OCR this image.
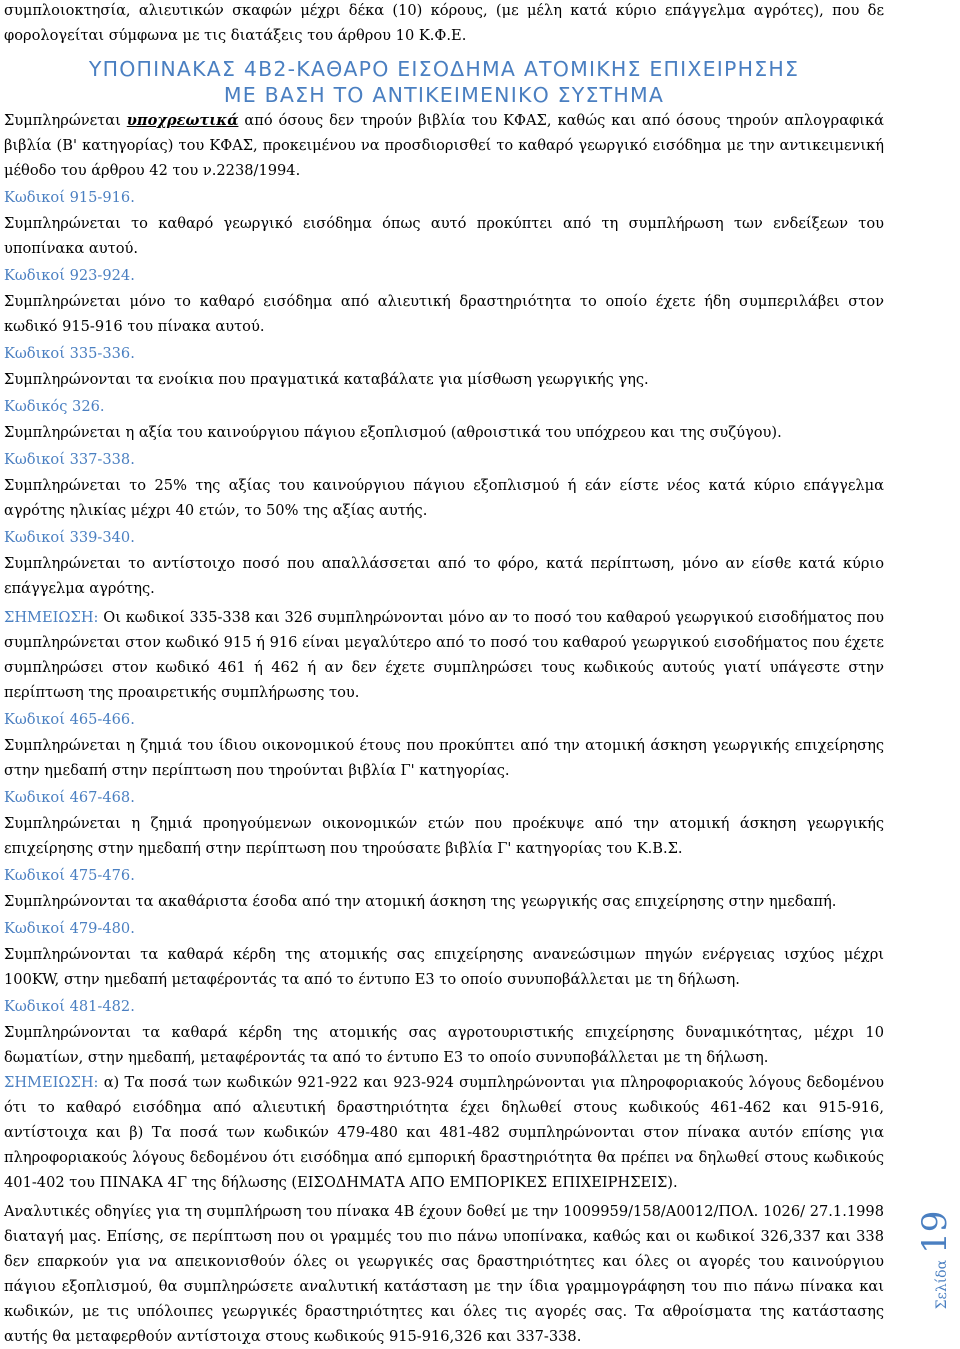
συμπλοιοκτησία, αλιευτικών σκαφών μέχρι δέκα (10) κόρους, (με μέλη κατά κύριο επάγγελμα αγρότες), που δε φορολογείται σύμφωνα με τις διατάξεις του άρθρου 10 Κ.Φ.Ε.

ΥΠΟΠΙΝΑΚΑΣ 4Β2-ΚΑΘΑΡΟ ΕΙΣΟΔΗΜΑ ΑΤΟΜΙΚΗΣ ΕΠΙΧΕΙΡΗΣΗΣ
ΜΕ ΒΑΣΗ ΤΟ ΑΝΤΙΚΕΙΜΕΝΙΚΟ ΣΥΣΤΗΜΑ

Συμπληρώνεται υποχρεωτικά από όσους δεν τηρούν βιβλία του ΚΦΑΣ, καθώς και από όσους τηρούν απλογραφικά βιβλία (Β' κατηγορίας) του ΚΦΑΣ, προκειμένου να προσδιορισθεί το καθαρό γεωργικό εισόδημα με την αντικειμενική μέθοδο του άρθρου 42 του ν.2238/1994.

Κωδικοί 915-916.

Συμπληρώνεται το καθαρό γεωργικό εισόδημα όπως αυτό προκύπτει από τη συμπλήρωση των ενδείξεων του υποπίνακα αυτού.

Κωδικοί 923-924.

Συμπληρώνεται μόνο το καθαρό εισόδημα από αλιευτική δραστηριότητα το οποίο έχετε ήδη συμπεριλάβει στον κωδικό 915-916 του πίνακα αυτού.

Κωδικοί 335-336.

Συμπληρώνονται τα ενοίκια που πραγματικά καταβάλατε για μίσθωση γεωργικής γης.

Κωδικός 326.

Συμπληρώνεται η αξία του καινούργιου πάγιου εξοπλισμού (αθροιστικά του υπόχρεου και της συζύγου).

Κωδικοί 337-338.

Συμπληρώνεται το 25% της αξίας του καινούργιου πάγιου εξοπλισμού ή εάν είστε νέος κατά κύριο επάγγελμα αγρότης ηλικίας μέχρι 40 ετών, το 50% της αξίας αυτής.

Κωδικοί 339-340.

Συμπληρώνεται το αντίστοιχο ποσό που απαλλάσσεται από το φόρο, κατά περίπτωση, μόνο αν είσθε κατά κύριο επάγγελμα αγρότης.

ΣΗΜΕΙΩΣΗ: Οι κωδικοί 335-338 και 326 συμπληρώνονται μόνο αν το ποσό του καθαρού γεωργικού εισοδήματος που συμπληρώνεται στον κωδικό 915 ή 916 είναι μεγαλύτερο από το ποσό του καθαρού γεωργικού εισοδήματος που έχετε συμπληρώσει στον κωδικό 461 ή 462 ή αν δεν έχετε συμπληρώσει τους κωδικούς αυτούς γιατί υπάγεστε στην περίπτωση της προαιρετικής συμπλήρωσης του.

Κωδικοί 465-466.

Συμπληρώνεται η ζημιά του ίδιου οικονομικού έτους που προκύπτει από την ατομική άσκηση γεωργικής επιχείρησης στην ημεδαπή στην περίπτωση που τηρούνται βιβλία Γ' κατηγορίας.

Κωδικοί 467-468.

Συμπληρώνεται η ζημιά προηγούμενων οικονομικών ετών που προέκυψε από την ατομική άσκηση γεωργικής επιχείρησης στην ημεδαπή στην περίπτωση που τηρούσατε βιβλία Γ' κατηγορίας του Κ.Β.Σ.

Κωδικοί 475-476.

Συμπληρώνονται τα ακαθάριστα έσοδα από την ατομική άσκηση της γεωργικής σας επιχείρησης στην ημεδαπή.

Κωδικοί 479-480.

Συμπληρώνονται τα καθαρά κέρδη της ατομικής σας επιχείρησης ανανεώσιμων πηγών ενέργειας ισχύος μέχρι 100KW, στην ημεδαπή μεταφέροντάς τα από το έντυπο Ε3 το οποίο συνυποβάλλεται με τη δήλωση.

Κωδικοί 481-482.

Συμπληρώνονται τα καθαρά κέρδη της ατομικής σας αγροτουριστικής επιχείρησης δυναμικότητας, μέχρι 10 δωματίων, στην ημεδαπή, μεταφέροντάς τα από το έντυπο Ε3 το οποίο συνυποβάλλεται με τη δήλωση.

ΣΗΜΕΙΩΣΗ: α) Τα ποσά των κωδικών 921-922 και 923-924 συμπληρώνονται για πληροφοριακούς λόγους δεδομένου ότι το καθαρό εισόδημα από αλιευτική δραστηριότητα έχει δηλωθεί στους κωδικούς 461-462 και 915-916, αντίστοιχα και β) Τα ποσά των κωδικών 479-480 και 481-482 συμπληρώνονται στον πίνακα αυτόν επίσης για πληροφοριακούς λόγους δεδομένου ότι εισόδημα από εμπορική δραστηριότητα θα πρέπει να δηλωθεί στους κωδικούς 401-402 του ΠΙΝΑΚΑ 4Γ της δήλωσης (ΕΙΣΟΔΗΜΑΤΑ ΑΠΟ ΕΜΠΟΡΙΚΕΣ ΕΠΙΧΕΙΡΗΣΕΙΣ).

Αναλυτικές οδηγίες για τη συμπλήρωση του πίνακα 4Β έχουν δοθεί με την 1009959/158/Α0012/ΠΟΛ. 1026/ 27.1.1998 διαταγή μας. Επίσης, σε περίπτωση που οι γραμμές του πιο πάνω υποπίνακα, καθώς και οι κωδικοί 326,337 και 338 δεν επαρκούν για να απεικονισθούν όλες οι γεωργικές σας δραστηριότητες και όλες οι αγορές του καινούργιου πάγιου εξοπλισμού, θα συμπληρώσετε αναλυτική κατάσταση με την ίδια γραμμογράφηση του πιο πάνω πίνακα και κωδικών, με τις υπόλοιπες γεωργικές δραστηριότητες και όλες τις αγορές σας. Τα αθροίσματα της κατάστασης αυτής θα μεταφερθούν αντίστοιχα στους κωδικούς 915-916,326 και 337-338.

Σελίδα19
